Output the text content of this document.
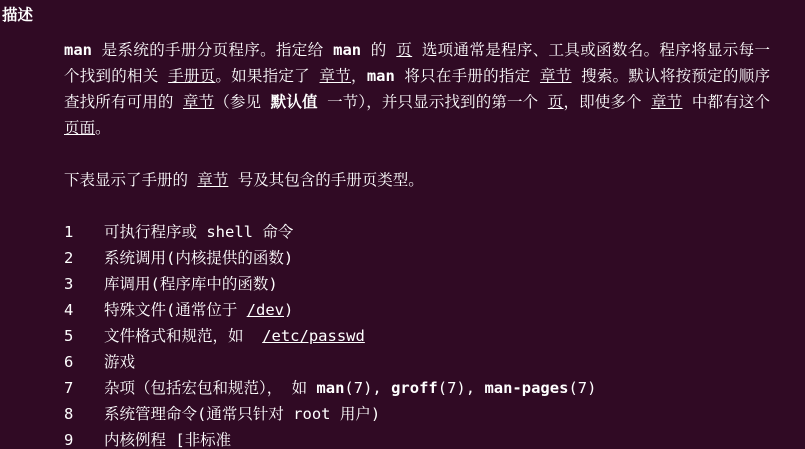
描述
man 是系统的手册分页程序。指定给 man 的 页 选项通常是程序、工具或函数名。程序将显示每一个找到的相关 手册页。如果指定了 章节，man 将只在手册的指定 章节 搜索。默认将按预定的顺序查找所有可用的 章节（参见 默认值 一节），并只显示找到的第一个 页，即使多个 章节 中都有这个 页面。
下表显示了手册的 章节 号及其包含的手册页类型。
1	可执行程序或 shell 命令
2	系统调用(内核提供的函数)
3	库调用(程序库中的函数)
4	特殊文件(通常位于 /dev)
5	文件格式和规范，如  /etc/passwd
6	游戏
7	杂项（包括宏包和规范）， 如 man(7), groff(7), man-pages(7)
8	系统管理命令(通常只针对 root 用户)
9	内核例程 [非标准
